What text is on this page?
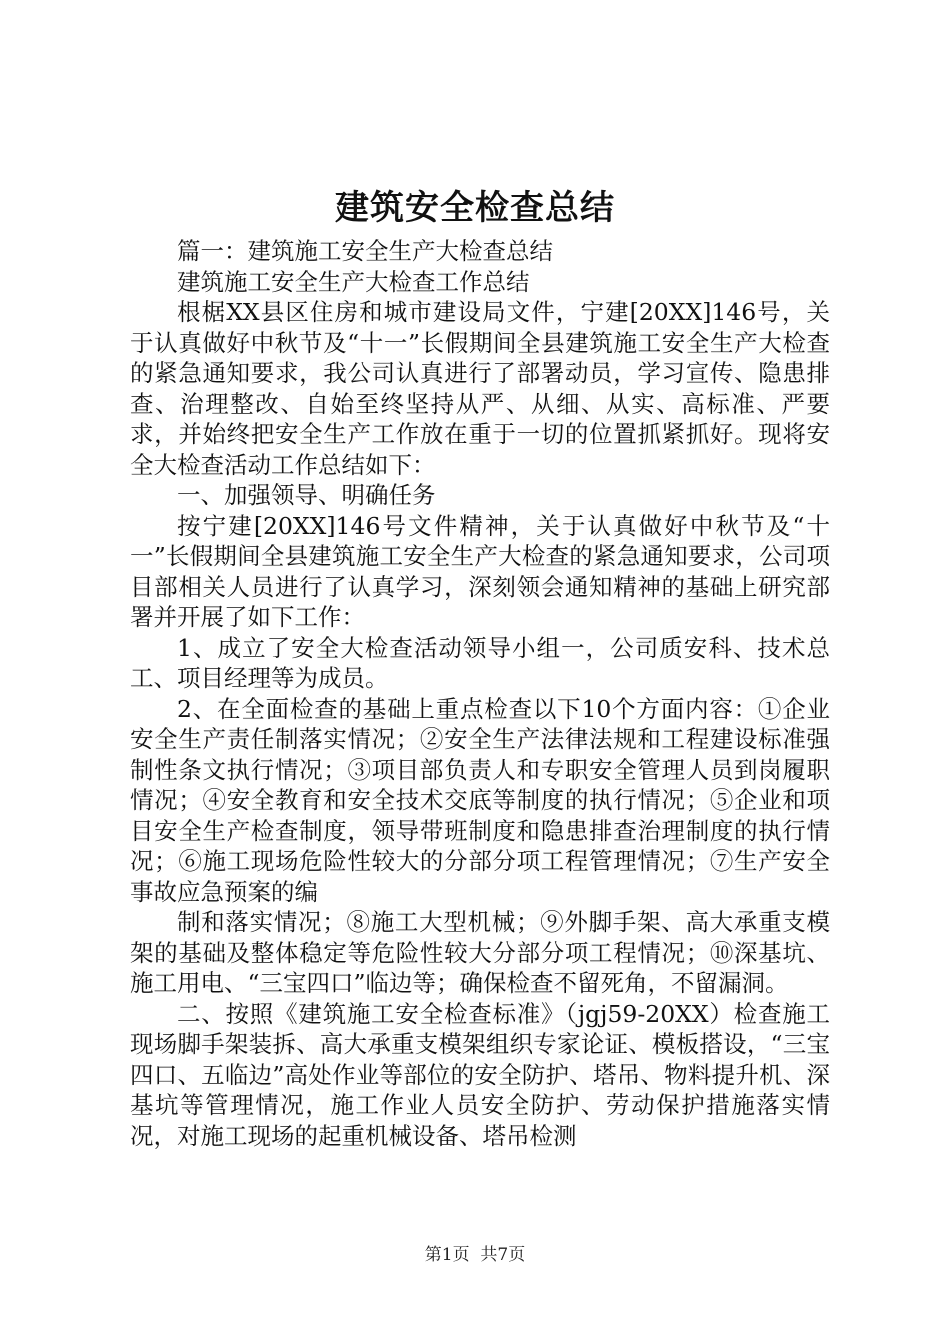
建筑安全检查总结

篇一：建筑施工安全生产大检查总结

建筑施工安全生产大检查工作总结

根椐XX县区住房和城市建设局文件，宁建[20XX]146号，关于认真做好中秋节及“十一”长假期间全县建筑施工安全生产大检查的紧急通知要求，我公司认真进行了部署动员，学习宣传、隐患排查、治理整改、自始至终坚持从严、从细、从实、高标准、严要求，并始终把安全生产工作放在重于一切的位置抓紧抓好。现将安全大检查活动工作总结如下：

一、加强领导、明确任务

按宁建[20XX]146号文件精神，关于认真做好中秋节及“十一”长假期间全县建筑施工安全生产大检查的紧急通知要求，公司项目部相关人员进行了认真学习，深刻领会通知精神的基础上研究部署并开展了如下工作：

1、成立了安全大检查活动领导小组一，公司质安科、技术总工、项目经理等为成员。

2、在全面检查的基础上重点检查以下10个方面内容：①企业安全生产责任制落实情况；②安全生产法律法规和工程建设标准强制性条文执行情况；③项目部负责人和专职安全管理人员到岗履职情况；④安全教育和安全技术交底等制度的执行情况；⑤企业和项目安全生产检查制度，领导带班制度和隐患排查治理制度的执行情况；⑥施工现场危险性较大的分部分项工程管理情况；⑦生产安全事故应急预案的编

制和落实情况；⑧施工大型机械；⑨外脚手架、高大承重支模架的基础及整体稳定等危险性较大分部分项工程情况；⑩深基坑、施工用电、“三宝四口”临边等；确保检查不留死角，不留漏洞。

二、按照《建筑施工安全检查标准》（jgj59-20XX）检查施工现场脚手架装拆、高大承重支模架组织专家论证、模板搭设，“三宝四口、五临边”高处作业等部位的安全防护、塔吊、物料提升机、深基坑等管理情况，施工作业人员安全防护、劳动保护措施落实情况，对施工现场的起重机械设备、塔吊检测

第1页  共7页
